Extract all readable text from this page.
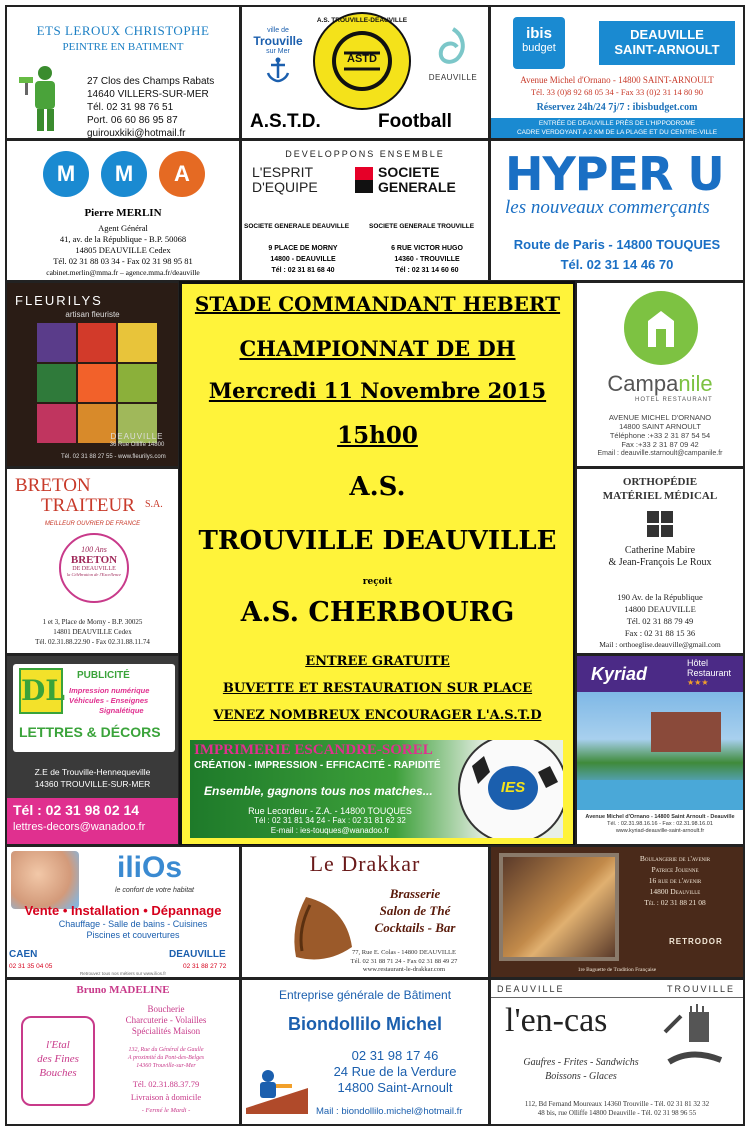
ETS LEROUX CHRISTOPHE
PEINTRE EN BATIMENT
27 Clos des Champs Rabats
14640 VILLERS-SUR-MER
Tél. 02 31 98 76 51
Port. 06 60 86 95 87
guirouxkiki@hotmail.fr
ville de
Trouville
sur Mer
ASTD
A.S. TROUVILLE-DEAUVILLE
DEAUVILLE
A.S.T.D.	Football
ibis
budget
DEAUVILLE
SAINT-ARNOULT
Avenue Michel d'Ornano - 14800 SAINT-ARNOULT
Tél. 33 (0)8 92 68 05 34 - Fax 33 (0)2 31 14 80 90
Réservez 24h/24 7j/7 : ibisbudget.com
ENTRÉE DE DEAUVILLE PRÈS DE L'HIPPODROME
CADRE VERDOYANT A 2 KM DE LA PLAGE ET DU CENTRE-VILLE
M	M	A
Pierre MERLIN
Agent Général
41, av. de la République - B.P. 50068
14805 DEAUVILLE Cedex
Tél. 02 31 88 03 34 - Fax 02 31 98 95 81
cabinet.merlin@mma.fr – agence.mma.fr/deauville
DEVELOPPONS ENSEMBLE
L'ESPRIT
D'EQUIPE
SOCIETE
GENERALE
SOCIETE GENERALE DEAUVILLE	SOCIETE GENERALE TROUVILLE
9 PLACE DE MORNY
14800 - DEAUVILLE
Tél : 02 31 81 68 40
6 RUE VICTOR HUGO
14360 - TROUVILLE
Tél : 02 31 14 60 60
HYPER U
les nouveaux commerçants
Route de Paris - 14800 TOUQUES
Tél. 02 31 14 46 70
FLEURILYS
artisan fleuriste
DEAUVILLE
36 Rue Olliffe 14800
Tél. 02 31 88 27 55 - www.fleurilys.com
BRETON
TRAITEUR S.A.
MEILLEUR OUVRIER DE FRANCE
100 Ans
BRETON
DE DEAUVILLE
la Célébration de l'Excellence
1 et 3, Place de Morny - B.P. 30025
14801 DEAUVILLE Cedex
Tél. 02.31.88.22.90 - Fax 02.31.88.11.74
DL PUBLICITÉ
Impression numérique
Véhicules - Enseignes
Signalétique
LETTRES & DÉCORS
Z.E de Trouville-Hennequeville
14360 TROUVILLE-SUR-MER
Tél : 02 31 98 02 14
lettres-decors@wanadoo.fr
STADE COMMANDANT HEBERT
CHAMPIONNAT DE DH
Mercredi 11 Novembre 2015
15h00
A.S.
TROUVILLE DEAUVILLE
reçoit
A.S. CHERBOURG
ENTREE GRATUITE
BUVETTE ET RESTAURATION SUR PLACE
VENEZ NOMBREUX ENCOURAGER L'A.S.T.D
IMPRIMERIE ESCANDRE-SOREL
CRÉATION - IMPRESSION - EFFICACITÉ - RAPIDITÉ
Ensemble, gagnons tous nos matches...	IES
Rue Lecordeur - Z.A. - 14800 TOUQUES
Tél : 02 31 81 34 24 - Fax : 02 31 81 62 32
E-mail : ies-touques@wanadoo.fr
Campanile
HOTEL RESTAURANT
AVENUE MICHEL D'ORNANO
14800 SAINT ARNOULT
Téléphone :+33 2 31 87 54 54
Fax :+33 2 31 87 09 42
Email : deauville.starnoult@campanile.fr
ORTHOPÉDIE
MATÉRIEL MÉDICAL
Catherine Mabire
& Jean-François Le Roux
190 Av. de la République
14800 DEAUVILLE
Tél. 02 31 88 79 49
Fax : 02 31 88 15 36
Mail : orthoeglise.deauville@gmail.com
Kyriad
Hôtel
Restaurant
★★★
Avenue Michel d'Ornano - 14800 Saint Arnoult - Deauville
Tél. : 02.31.98.16.16 - Fax : 02.31.98.16.01
www.kyriad-deauville-saint-arnoult.fr
iliOs
le confort de votre habitat
Vente • Installation • Dépannage
Chauffage - Salle de bains - Cuisines
Piscines et couvertures
CAEN
02 31 35 04 05
DEAUVILLE
02 31 88 27 72
Retrouvez tous nos métiers sur www.ilios.fr
Le Drakkar
Brasserie
Salon de Thé
Cocktails - Bar
77, Rue E. Colas - 14800 DEAUVILLE
Tél. 02 31 88 71 24 - Fax 02 31 88 49 27
www.restaurant-le-drakkar.com
Boulangerie de l'avenir
Patrice Jouenne
16 rue de l'avenir
14800 Deauville
Tél : 02 31 88 21 08
RETRODOR
1re Baguette de Tradition Française
Bruno MADELINE
l'Etal
des Fines
Bouches
Boucherie
Charcuterie - Volailles
Spécialités Maison
132, Rue du Général de Gaulle
A proximité du Pont-des-Belges
14360 Trouville-sur-Mer
Tél. 02.31.88.37.79
Livraison à domicile
- Fermé le Mardi -
Entreprise générale de Bâtiment
Biondollilo Michel
02 31 98 17 46
24 Rue de la Verdure
14800 Saint-Arnoult
Mail : biondollilo.michel@hotmail.fr
DEAUVILLE	TROUVILLE
l'en-cas
Gaufres - Frites - Sandwichs
Boissons - Glaces
112, Bd Fernand Moureaux 14360 Trouville - Tél. 02 31 81 32 32
48 bis, rue Olliffe 14800 Deauville - Tél. 02 31 98 96 55
